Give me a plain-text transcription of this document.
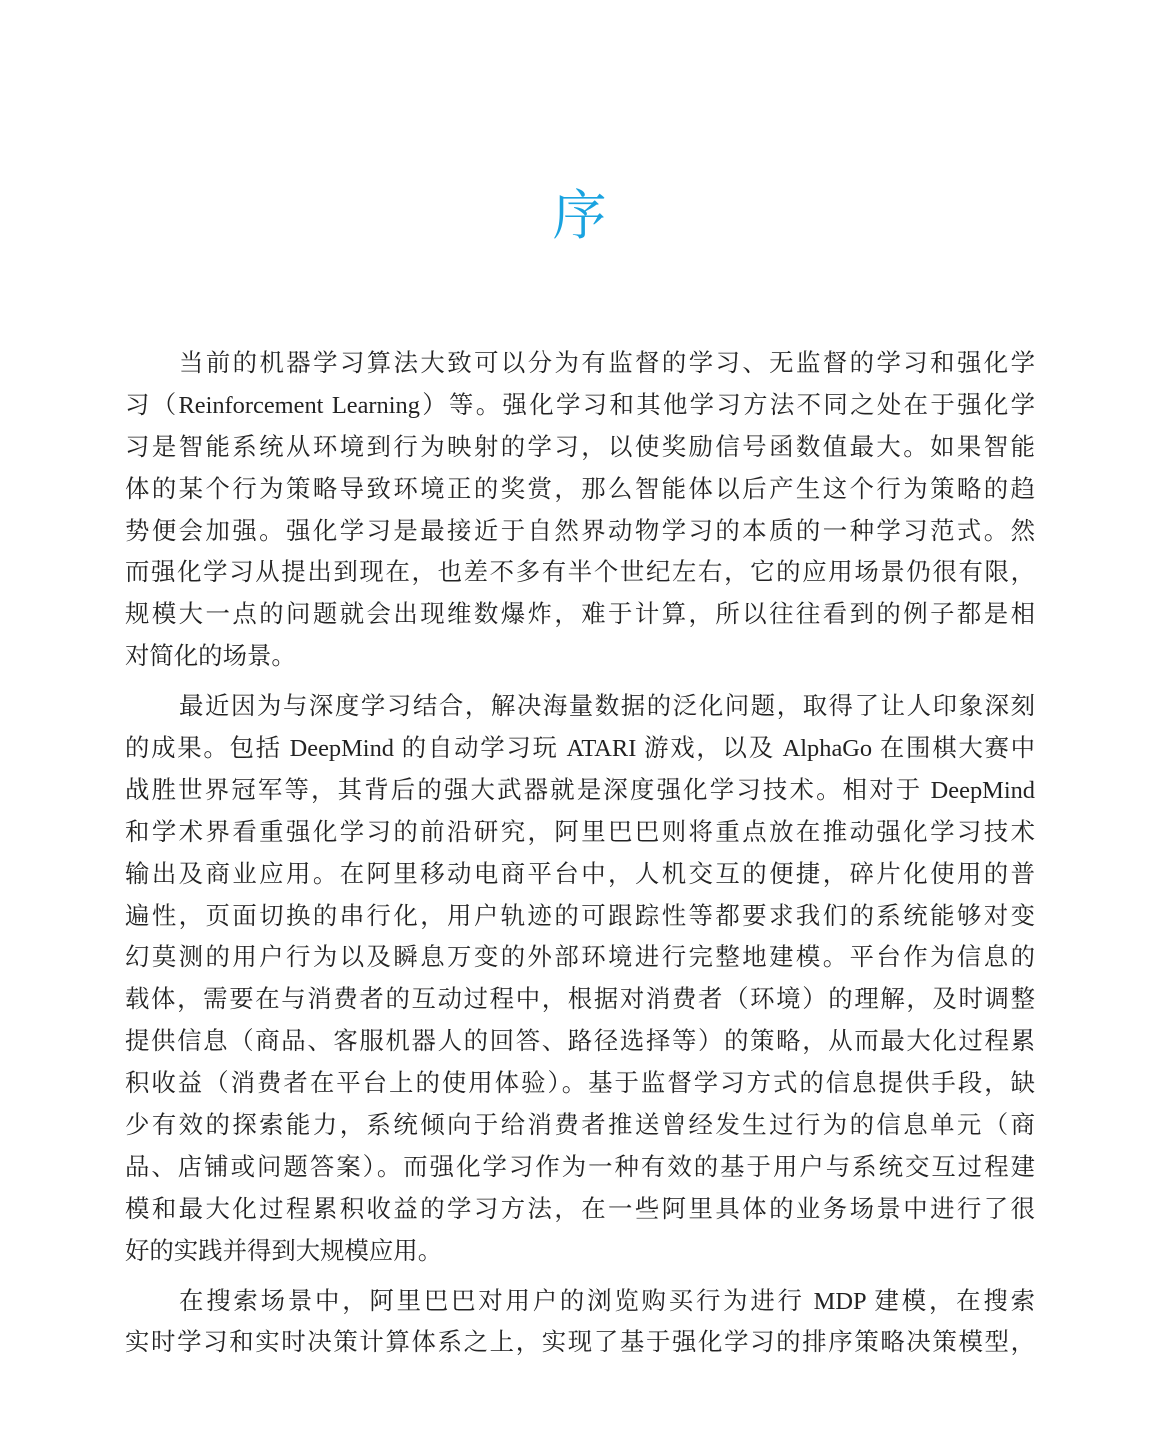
序
当前的机器学习算法大致可以分为有监督的学习、无监督的学习和强化学
习（Reinforcement Learning）等。强化学习和其他学习方法不同之处在于强化学
习是智能系统从环境到行为映射的学习，以使奖励信号函数值最大。如果智能
体的某个行为策略导致环境正的奖赏，那么智能体以后产生这个行为策略的趋
势便会加强。强化学习是最接近于自然界动物学习的本质的一种学习范式。然
而强化学习从提出到现在，也差不多有半个世纪左右，它的应用场景仍很有限，
规模大一点的问题就会出现维数爆炸，难于计算，所以往往看到的例子都是相
对简化的场景。
最近因为与深度学习结合，解决海量数据的泛化问题，取得了让人印象深刻
的成果。包括 DeepMind 的自动学习玩 ATARI 游戏，以及 AlphaGo 在围棋大赛中
战胜世界冠军等，其背后的强大武器就是深度强化学习技术。相对于 DeepMind
和学术界看重强化学习的前沿研究，阿里巴巴则将重点放在推动强化学习技术
输出及商业应用。在阿里移动电商平台中，人机交互的便捷，碎片化使用的普
遍性，页面切换的串行化，用户轨迹的可跟踪性等都要求我们的系统能够对变
幻莫测的用户行为以及瞬息万变的外部环境进行完整地建模。平台作为信息的
载体，需要在与消费者的互动过程中，根据对消费者（环境）的理解，及时调整
提供信息（商品、客服机器人的回答、路径选择等）的策略，从而最大化过程累
积收益（消费者在平台上的使用体验）。基于监督学习方式的信息提供手段，缺
少有效的探索能力，系统倾向于给消费者推送曾经发生过行为的信息单元（商
品、店铺或问题答案）。而强化学习作为一种有效的基于用户与系统交互过程建
模和最大化过程累积收益的学习方法，在一些阿里具体的业务场景中进行了很
好的实践并得到大规模应用。
在搜索场景中，阿里巴巴对用户的浏览购买行为进行 MDP 建模，在搜索
实时学习和实时决策计算体系之上，实现了基于强化学习的排序策略决策模型，
